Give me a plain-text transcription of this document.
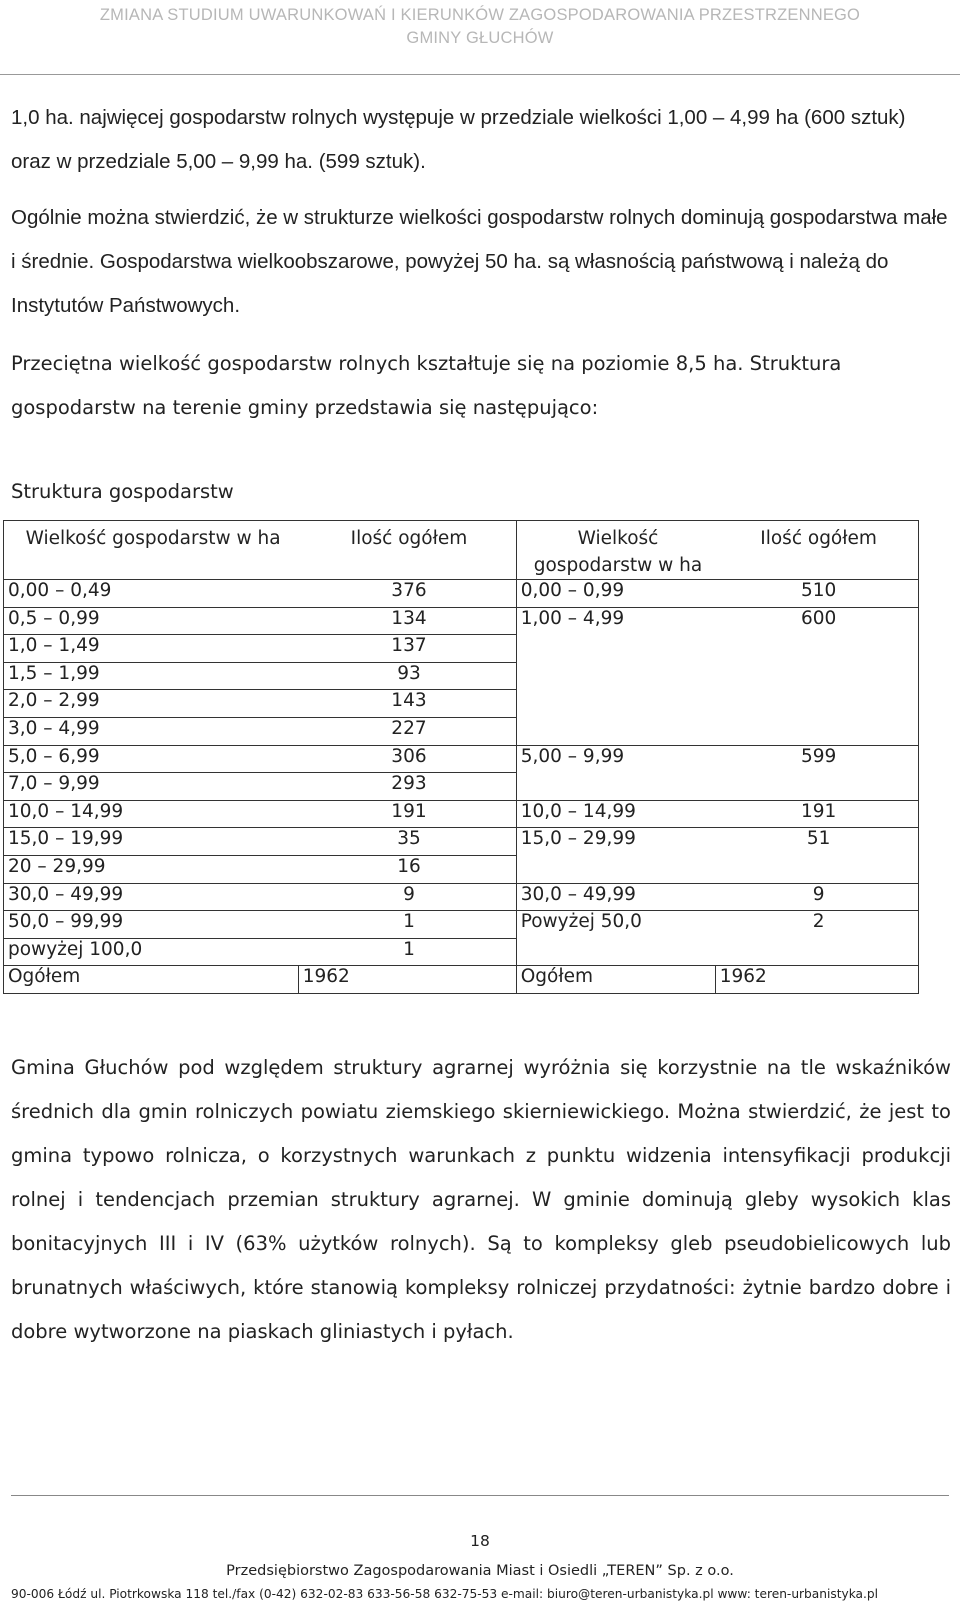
ZMIANA STUDIUM UWARUNKOWAŃ I KIERUNKÓW ZAGOSPODAROWANIA PRZESTRZENNEGO
GMINY GŁUCHÓW

1,0 ha. najwięcej gospodarstw rolnych występuje w przedziale wielkości 1,00 – 4,99 ha (600 sztuk) oraz w przedziale 5,00 – 9,99 ha. (599 sztuk).

Ogólnie można stwierdzić, że w strukturze wielkości gospodarstw rolnych dominują gospodarstwa małe i średnie. Gospodarstwa wielkoobszarowe, powyżej 50 ha. są własnością państwową i należą do Instytutów Państwowych.

Przeciętna wielkość gospodarstw rolnych kształtuje się na poziomie 8,5 ha. Struktura gospodarstw na terenie gminy przedstawia się następująco:

Struktura gospodarstw
Wielkość gospodarstw w ha	Ilość ogółem	Wielkość gospodarstw w ha	Ilość ogółem
0,00 – 0,49	376	0,00 – 0,99	510
0,5 – 0,99	134	1,00 – 4,99	600
1,0 – 1,49	137		
1,5 – 1,99	93		
2,0 – 2,99	143		
3,0 – 4,99	227		
5,0 – 6,99	306	5,00 – 9,99	599
7,0 – 9,99	293		
10,0 – 14,99	191	10,0 – 14,99	191
15,0 – 19,99	35	15,0 – 29,99	51
20 – 29,99	16		
30,0 – 49,99	9	30,0 – 49,99	9
50,0 – 99,99	1	Powyżej 50,0	2
powyżej 100,0	1		
Ogółem	1962	Ogółem	1962

Gmina Głuchów pod względem struktury agrarnej wyróżnia się korzystnie na tle wskaźników średnich dla gmin rolniczych powiatu ziemskiego skierniewickiego. Można stwierdzić, że jest to gmina typowo rolnicza, o korzystnych warunkach z punktu widzenia intensyfikacji produkcji rolnej i tendencjach przemian struktury agrarnej. W gminie dominują gleby wysokich klas bonitacyjnych III i IV (63% użytków rolnych). Są to kompleksy gleb pseudobielicowych lub brunatnych właściwych, które stanowią kompleksy rolniczej przydatności: żytnie bardzo dobre i dobre wytworzone na piaskach gliniastych i pyłach.

18
Przedsiębiorstwo Zagospodarowania Miast i Osiedli „TEREN” Sp. z o.o.
90-006 Łódź ul. Piotrkowska 118 tel./fax (0-42) 632-02-83 633-56-58 632-75-53 e-mail: biuro@teren-urbanistyka.pl www: teren-urbanistyka.pl
